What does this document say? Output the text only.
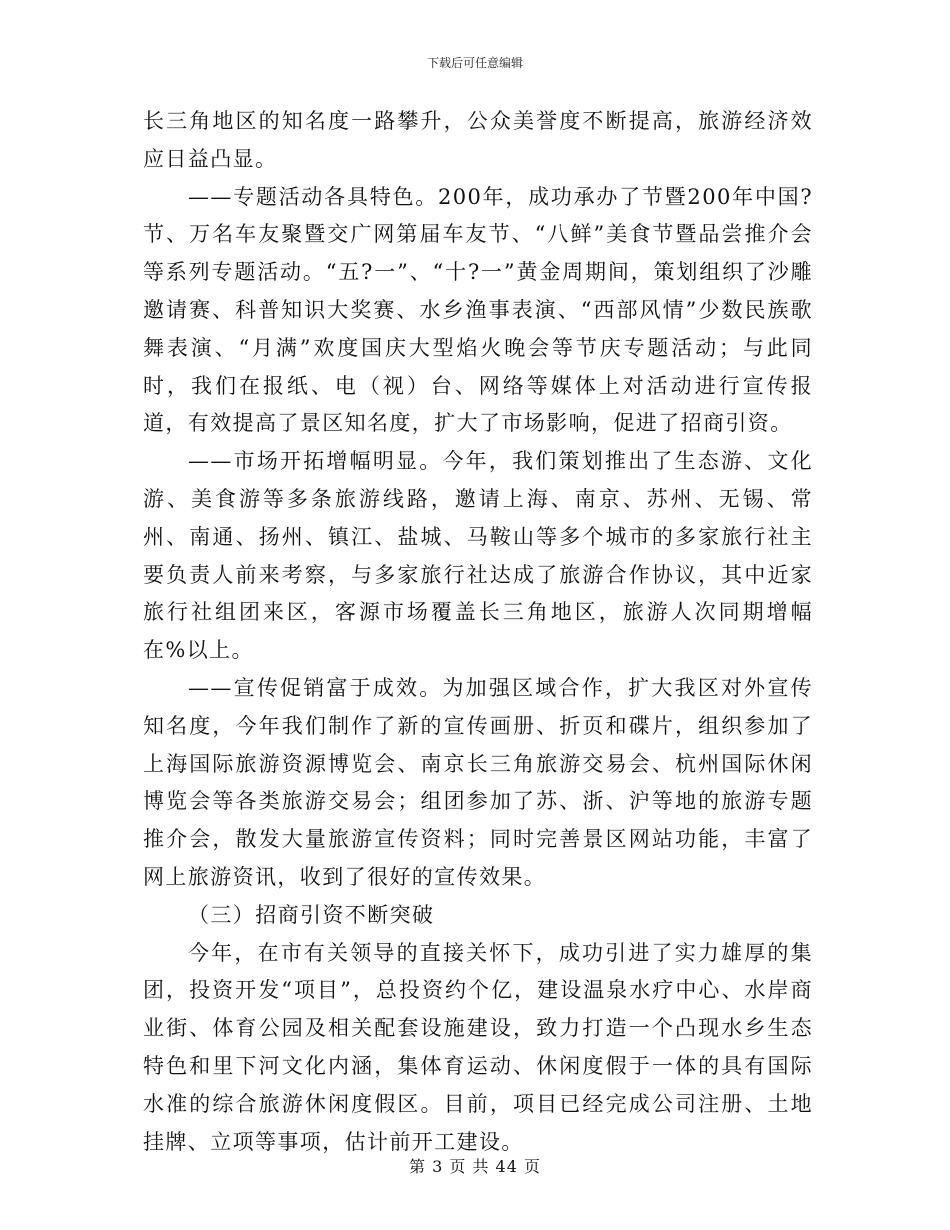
下载后可任意编辑

长三角地区的知名度一路攀升，公众美誉度不断提高，旅游经济效应日益凸显。

——专题活动各具特色。200年，成功承办了节暨200年中国?节、万名车友聚暨交广网第届车友节、“八鲜”美食节暨品尝推介会等系列专题活动。“五?一”、“十?一”黄金周期间，策划组织了沙雕邀请赛、科普知识大奖赛、水乡渔事表演、“西部风情”少数民族歌舞表演、“月满”欢度国庆大型焰火晚会等节庆专题活动；与此同时，我们在报纸、电（视）台、网络等媒体上对活动进行宣传报道，有效提高了景区知名度，扩大了市场影响，促进了招商引资。

——市场开拓增幅明显。今年，我们策划推出了生态游、文化游、美食游等多条旅游线路，邀请上海、南京、苏州、无锡、常州、南通、扬州、镇江、盐城、马鞍山等多个城市的多家旅行社主要负责人前来考察，与多家旅行社达成了旅游合作协议，其中近家旅行社组团来区，客源市场覆盖长三角地区，旅游人次同期增幅在%以上。

——宣传促销富于成效。为加强区域合作，扩大我区对外宣传知名度，今年我们制作了新的宣传画册、折页和碟片，组织参加了上海国际旅游资源博览会、南京长三角旅游交易会、杭州国际休闲博览会等各类旅游交易会；组团参加了苏、浙、沪等地的旅游专题推介会，散发大量旅游宣传资料；同时完善景区网站功能，丰富了网上旅游资讯，收到了很好的宣传效果。

（三）招商引资不断突破

今年，在市有关领导的直接关怀下，成功引进了实力雄厚的集团，投资开发“项目”，总投资约个亿，建设温泉水疗中心、水岸商业街、体育公园及相关配套设施建设，致力打造一个凸现水乡生态特色和里下河文化内涵，集体育运动、休闲度假于一体的具有国际水准的综合旅游休闲度假区。目前，项目已经完成公司注册、土地挂牌、立项等事项，估计前开工建设。

第 3 页 共 44 页
